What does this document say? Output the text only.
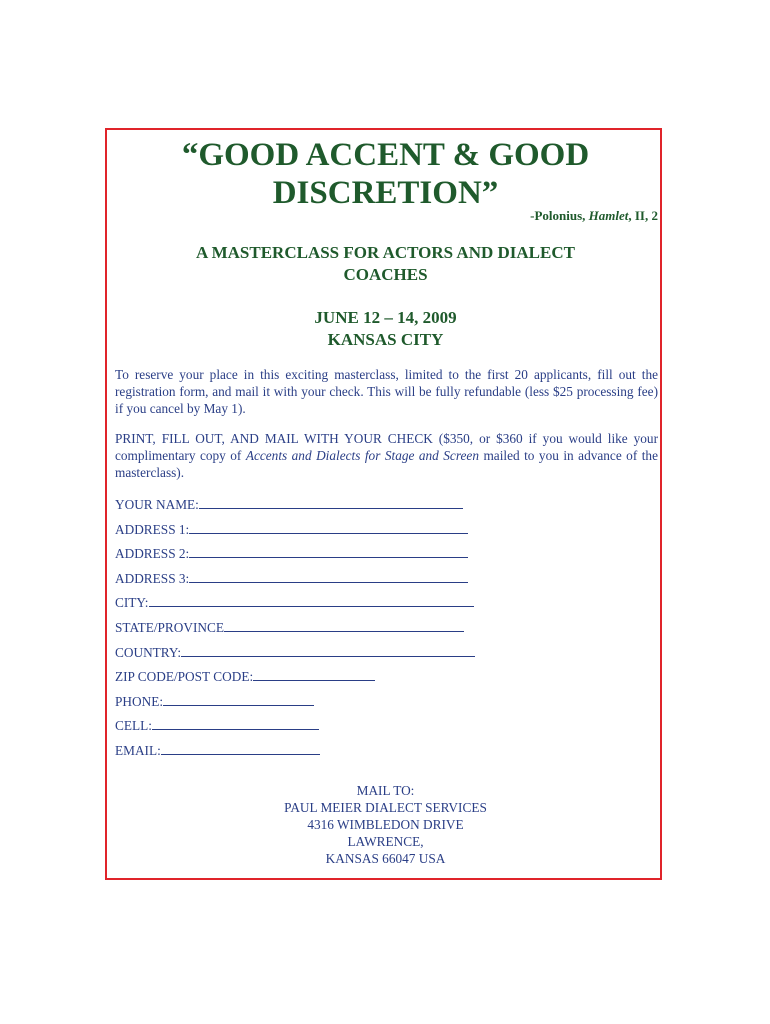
“GOOD ACCENT & GOOD
DISCRETION”
-Polonius, Hamlet, II, 2
A MASTERCLASS FOR ACTORS AND DIALECT
COACHES
JUNE 12 – 14, 2009
KANSAS CITY
To reserve your place in this exciting masterclass, limited to the first 20 applicants, fill out the registration form, and mail it with your check. This will be fully refundable (less $25 processing fee) if you cancel by May 1).
PRINT, FILL OUT, AND MAIL WITH YOUR CHECK ($350, or $360 if you would like your complimentary copy of Accents and Dialects for Stage and Screen mailed to you in advance of the masterclass).
YOUR NAME:
ADDRESS 1:
ADDRESS 2:
ADDRESS 3:
CITY:
STATE/PROVINCE
COUNTRY:
ZIP CODE/POST CODE:
PHONE:
CELL:
EMAIL:
MAIL TO:
PAUL MEIER DIALECT SERVICES
4316 WIMBLEDON DRIVE
LAWRENCE,
KANSAS 66047 USA
